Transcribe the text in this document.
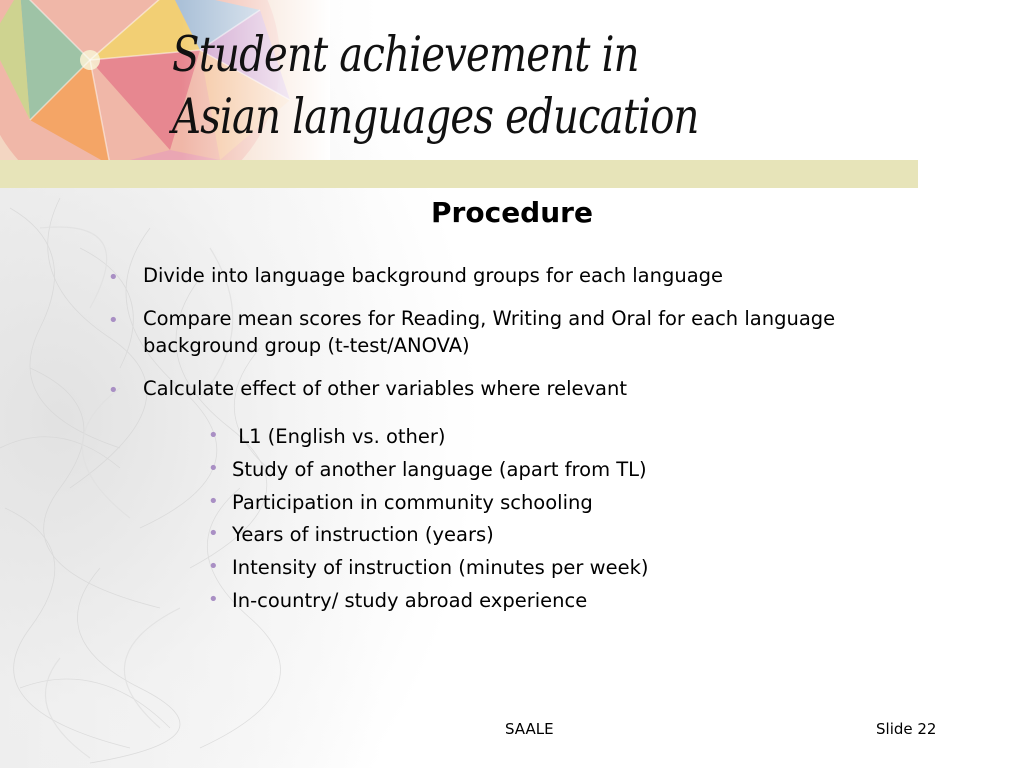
Student achievement in
Asian languages education
Procedure
• Divide into language background groups for each language
• Compare mean scores for Reading, Writing and Oral for each language background group (t-test/ANOVA)
• Calculate effect of other variables where relevant
• L1 (English vs. other)
• Study of another language (apart from TL)
• Participation in community schooling
• Years of instruction (years)
• Intensity of instruction (minutes per week)
• In-country/ study abroad experience
SAALE	Slide 22
